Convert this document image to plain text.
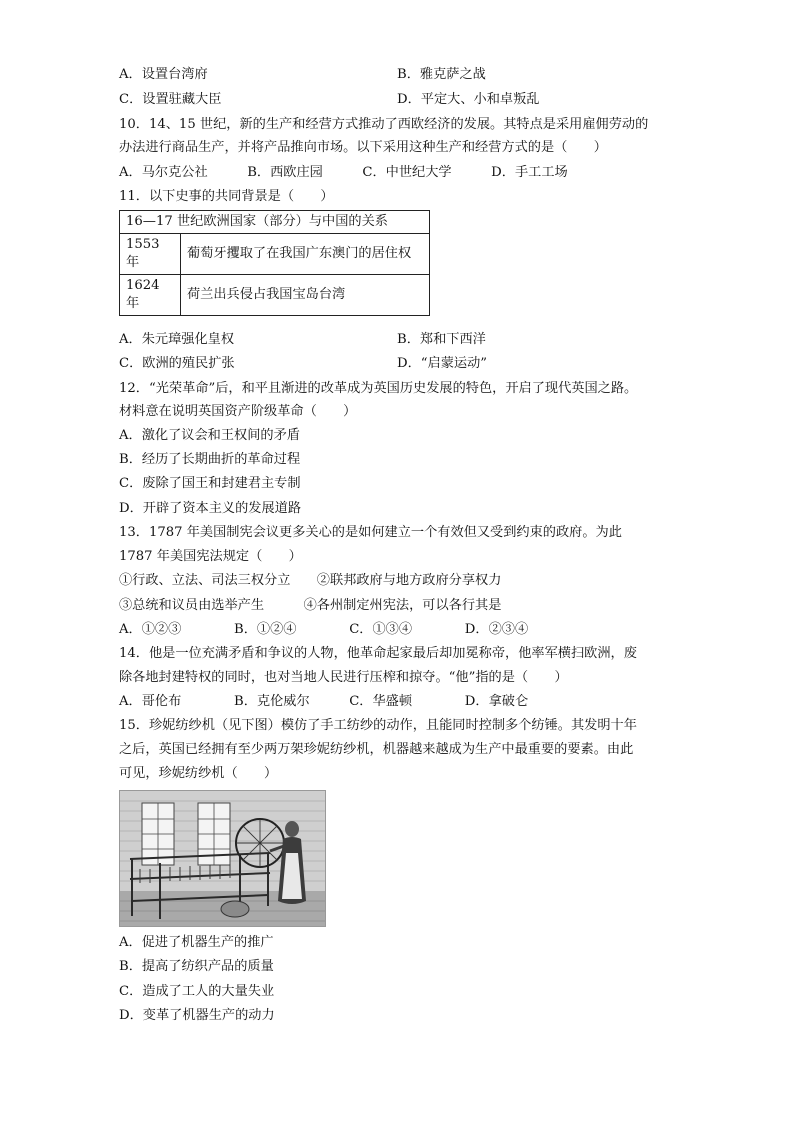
A．设置台湾府	B．雅克萨之战
C．设置驻藏大臣	D．平定大、小和卓叛乱
10．14、15 世纪，新的生产和经营方式推动了西欧经济的发展。其特点是采用雇佣劳动的
办法进行商品生产，并将产品推向市场。以下采用这种生产和经营方式的是（　　）
A．马尔克公社　　　B．西欧庄园　　　C．中世纪大学　　　D．手工工场
11．以下史事的共同背景是（　　）
16—17 世纪欧洲国家（部分）与中国的关系	

1553
年	葡萄牙攫取了在我国广东澳门的居住权

1624
年	荷兰出兵侵占我国宝岛台湾
A．朱元璋强化皇权	B．郑和下西洋
C．欧洲的殖民扩张	D．“启蒙运动”
12．“光荣革命”后，和平且渐进的改革成为英国历史发展的特色，开启了现代英国之路。
材料意在说明英国资产阶级革命（　　）
A．激化了议会和王权间的矛盾
B．经历了长期曲折的革命过程
C．废除了国王和封建君主专制
D．开辟了资本主义的发展道路
13．1787 年美国制宪会议更多关心的是如何建立一个有效但又受到约束的政府。为此
1787 年美国宪法规定（　　）
①行政、立法、司法三权分立　　②联邦政府与地方政府分享权力
③总统和议员由选举产生　　　④各州制定州宪法，可以各行其是
A．①②③　　　　B．①②④　　　　C．①③④　　　　D．②③④
14．他是一位充满矛盾和争议的人物，他革命起家最后却加冕称帝，他率军横扫欧洲，废
除各地封建特权的同时，也对当地人民进行压榨和掠夺。“他”指的是（　　）
A．哥伦布　　　　B．克伦威尔　　　C．华盛顿　　　　D．拿破仑
15．珍妮纺纱机（见下图）模仿了手工纺纱的动作，且能同时控制多个纺锤。其发明十年
之后，英国已经拥有至少两万架珍妮纺纱机，机器越来越成为生产中最重要的要素。由此
可见，珍妮纺纱机（　　）
A．促进了机器生产的推广
B．提高了纺织产品的质量
C．造成了工人的大量失业
D．变革了机器生产的动力
